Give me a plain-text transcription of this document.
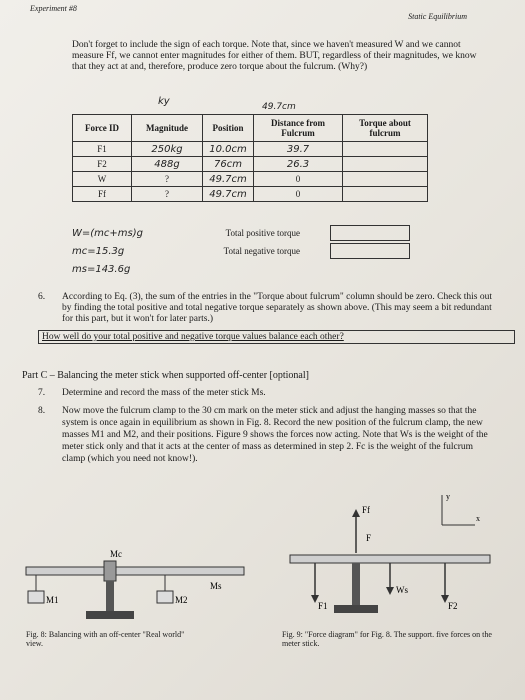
Experiment #8
Static Equilibrium

Don't forget to include the sign of each torque. Note that, since we haven't measured W and we cannot measure Ff, we cannot enter magnitudes for either of them. BUT, regardless of their magnitudes, we know that they act at and, therefore, produce zero torque about the fulcrum. (Why?)

ky	49.7cm
Force ID	Magnitude	Position	Distance from Fulcrum	Torque about fulcrum
F1	250kg	10.0cm	39.7	
F2	488g	76cm	26.3	
W	?	49.7cm	0	
Ff	?	49.7cm	0	
W=(mc+ms)g	Total positive torque
mc=15.3g	Total negative torque
ms=143.6g
6.	According to Eq. (3), the sum of the entries in the "Torque about fulcrum" column should be zero. Check this out by finding the total positive and total negative torque separately as shown above. (This may seem a bit redundant for this part, but it won't for later parts.)

How well do your total positive and negative torque values balance each other?
Part C – Balancing the meter stick when supported off-center [optional]
7.	Determine and record the mass of the meter stick Ms.

8.	Now move the fulcrum clamp to the 30 cm mark on the meter stick and adjust the hanging masses so that the system is once again in equilibrium as shown in Fig. 8. Record the new position of the fulcrum clamp, the new masses M1 and M2, and their positions. Figure 9 shows the forces now acting. Note that Ws is the weight of the meter stick only and that it acts at the center of mass as determined in step 2. Fc is the weight of the fulcrum clamp (which you need not know!).

Mc
M1	M2
Ms
Ff
F
F1	F2
Ws
y
x
Fig. 8: Balancing with an off-center "Real world" view.
Fig. 9: "Force diagram" for Fig. 8. The support. five forces on the meter stick.
